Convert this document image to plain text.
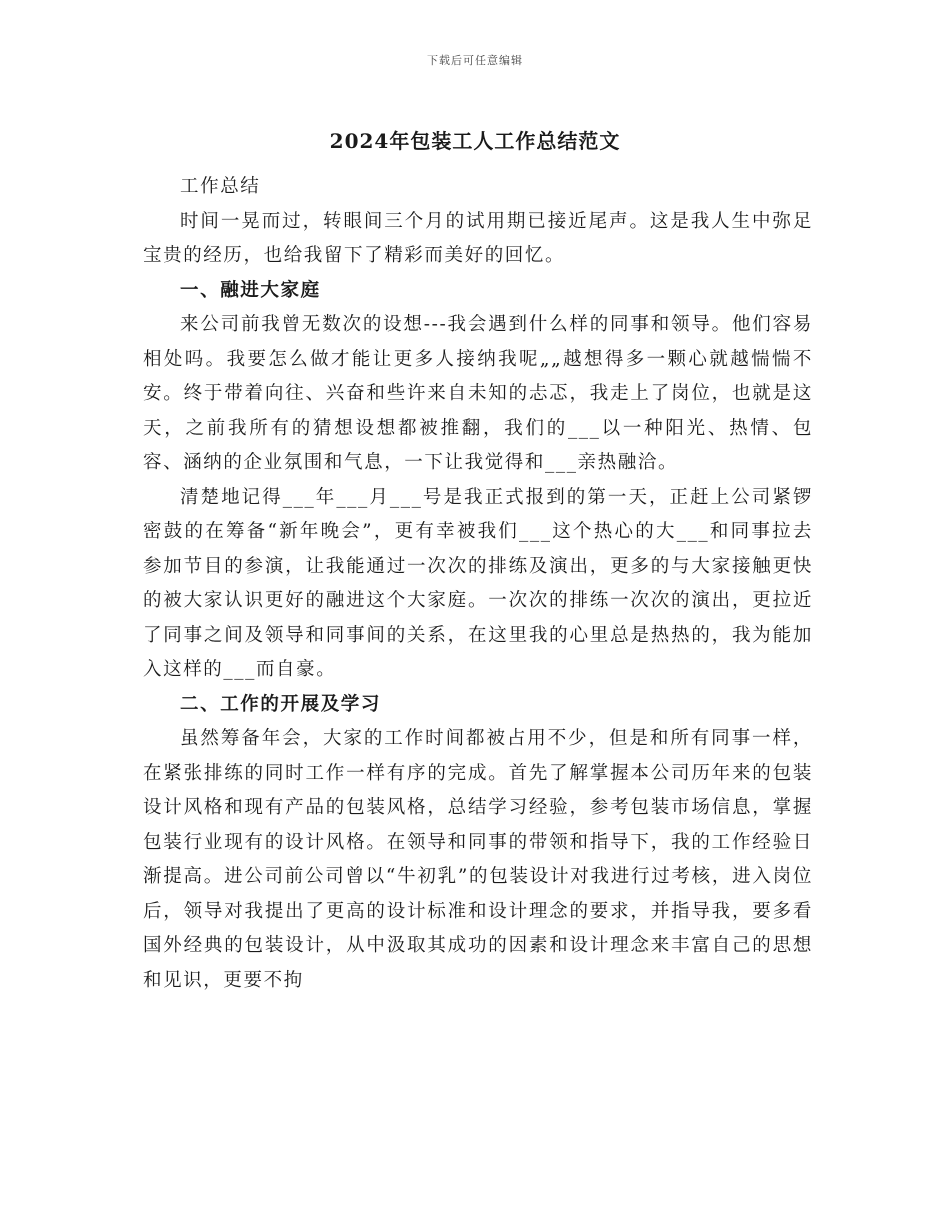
下载后可任意编辑
2024年包装工人工作总结范文

工作总结

时间一晃而过，转眼间三个月的试用期已接近尾声。这是我人生中弥足宝贵的经历，也给我留下了精彩而美好的回忆。

一、融进大家庭

来公司前我曾无数次的设想---我会遇到什么样的同事和领导。他们容易相处吗。我要怎么做才能让更多人接纳我呢„„越想得多一颗心就越惴惴不安。终于带着向往、兴奋和些许来自未知的忐忑，我走上了岗位，也就是这天，之前我所有的猜想设想都被推翻，我们的___以一种阳光、热情、包容、涵纳的企业氛围和气息，一下让我觉得和___亲热融洽。

清楚地记得___年___月___号是我正式报到的第一天，正赶上公司紧锣密鼓的在筹备“新年晚会”，更有幸被我们___这个热心的大___和同事拉去参加节目的参演，让我能通过一次次的排练及演出，更多的与大家接触更快的被大家认识更好的融进这个大家庭。一次次的排练一次次的演出，更拉近了同事之间及领导和同事间的关系，在这里我的心里总是热热的，我为能加入这样的___而自豪。

二、工作的开展及学习

虽然筹备年会，大家的工作时间都被占用不少，但是和所有同事一样，在紧张排练的同时工作一样有序的完成。首先了解掌握本公司历年来的包装设计风格和现有产品的包装风格，总结学习经验，参考包装市场信息，掌握包装行业现有的设计风格。在领导和同事的带领和指导下，我的工作经验日渐提高。进公司前公司曾以“牛初乳”的包装设计对我进行过考核，进入岗位后，领导对我提出了更高的设计标准和设计理念的要求，并指导我，要多看国外经典的包装设计，从中汲取其成功的因素和设计理念来丰富自己的思想和见识，更要不拘
